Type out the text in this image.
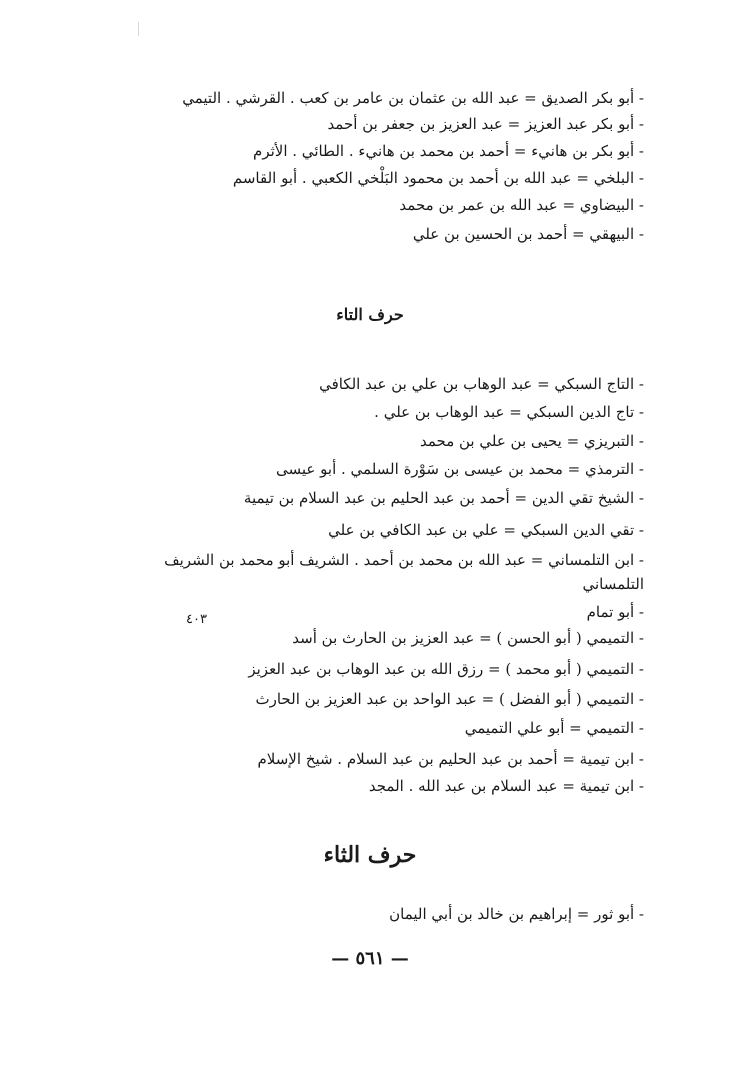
- أبو بكر الصديق = عبد الله بن عثمان بن عامر بن كعب . القرشي . التيمي
- أبو بكر عبد العزيز = عبد العزيز بن جعفر بن أحمد
- أبو بكر بن هانيء = أحمد بن محمد بن هانيء . الطائي . الأثرم
- البلخي = عبد الله بن أحمد بن محمود البَلْخي الكعبي . أبو القاسم
- البيضاوي = عبد الله بن عمر بن محمد
- البيهقي = أحمد بن الحسين بن علي
حرف التاء
- التاج السبكي = عبد الوهاب بن علي بن عبد الكافي
- تاج الدين السبكي = عبد الوهاب بن علي .
- التبريزي = يحيى بن علي بن محمد
- الترمذي = محمد بن عيسى بن سَوْرة السلمي . أبو عيسى
- الشيخ تقي الدين = أحمد بن عبد الحليم بن عبد السلام بن تيمية
- تقي الدين السبكي = علي بن عبد الكافي بن علي
- ابن التلمساني = عبد الله بن محمد بن أحمد . الشريف أبو محمد بن الشريف التلمساني
- أبو تمام
- التميمي ( أبو الحسن ) = عبد العزيز بن الحارث بن أسد
- التميمي ( أبو محمد ) = رزق الله بن عبد الوهاب بن عبد العزيز
- التميمي ( أبو الفضل ) = عبد الواحد بن عبد العزيز بن الحارث
- التميمي = أبو علي التميمي
- ابن تيمية = أحمد بن عبد الحليم بن عبد السلام . شيخ الإسلام
- ابن تيمية = عبد السلام بن عبد الله . المجد
٤٠٣
حرف الثاء
- أبو ثور = إبراهيم بن خالد بن أبي اليمان
— ٥٦١ —
